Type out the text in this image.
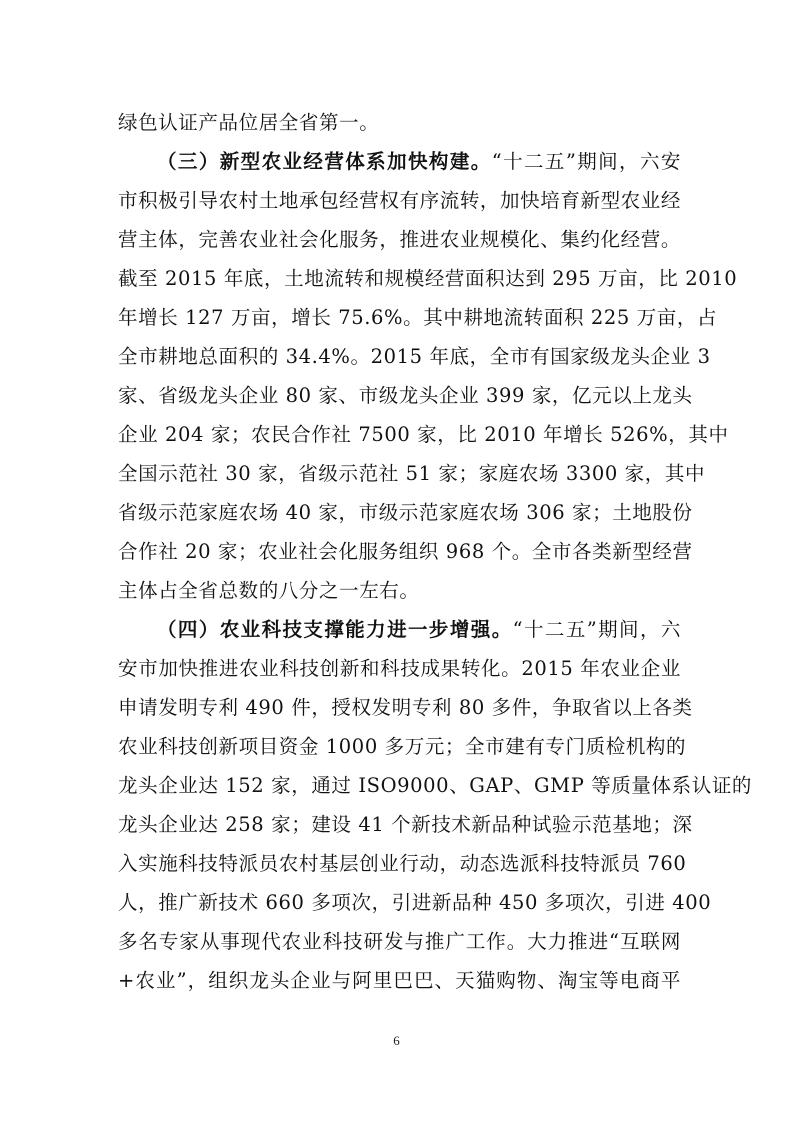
绿色认证产品位居全省第一。
（三）新型农业经营体系加快构建。“十二五”期间，六安
市积极引导农村土地承包经营权有序流转，加快培育新型农业经
营主体，完善农业社会化服务，推进农业规模化、集约化经营。
截至 2015 年底，土地流转和规模经营面积达到 295 万亩，比 2010
年增长 127 万亩，增长 75.6%。其中耕地流转面积 225 万亩，占
全市耕地总面积的 34.4%。2015 年底，全市有国家级龙头企业 3
家、省级龙头企业 80 家、市级龙头企业 399 家，亿元以上龙头
企业 204 家；农民合作社 7500 家，比 2010 年增长 526%，其中
全国示范社 30 家，省级示范社 51 家；家庭农场 3300 家，其中
省级示范家庭农场 40 家，市级示范家庭农场 306 家；土地股份
合作社 20 家；农业社会化服务组织 968 个。全市各类新型经营
主体占全省总数的八分之一左右。
（四）农业科技支撑能力进一步增强。“十二五”期间，六
安市加快推进农业科技创新和科技成果转化。2015 年农业企业
申请发明专利 490 件，授权发明专利 80 多件，争取省以上各类
农业科技创新项目资金 1000 多万元；全市建有专门质检机构的
龙头企业达 152 家，通过 ISO9000、GAP、GMP 等质量体系认证的
龙头企业达 258 家；建设 41 个新技术新品种试验示范基地；深
入实施科技特派员农村基层创业行动，动态选派科技特派员 760
人，推广新技术 660 多项次，引进新品种 450 多项次，引进 400
多名专家从事现代农业科技研发与推广工作。大力推进“互联网
+农业”，组织龙头企业与阿里巴巴、天猫购物、淘宝等电商平
6
